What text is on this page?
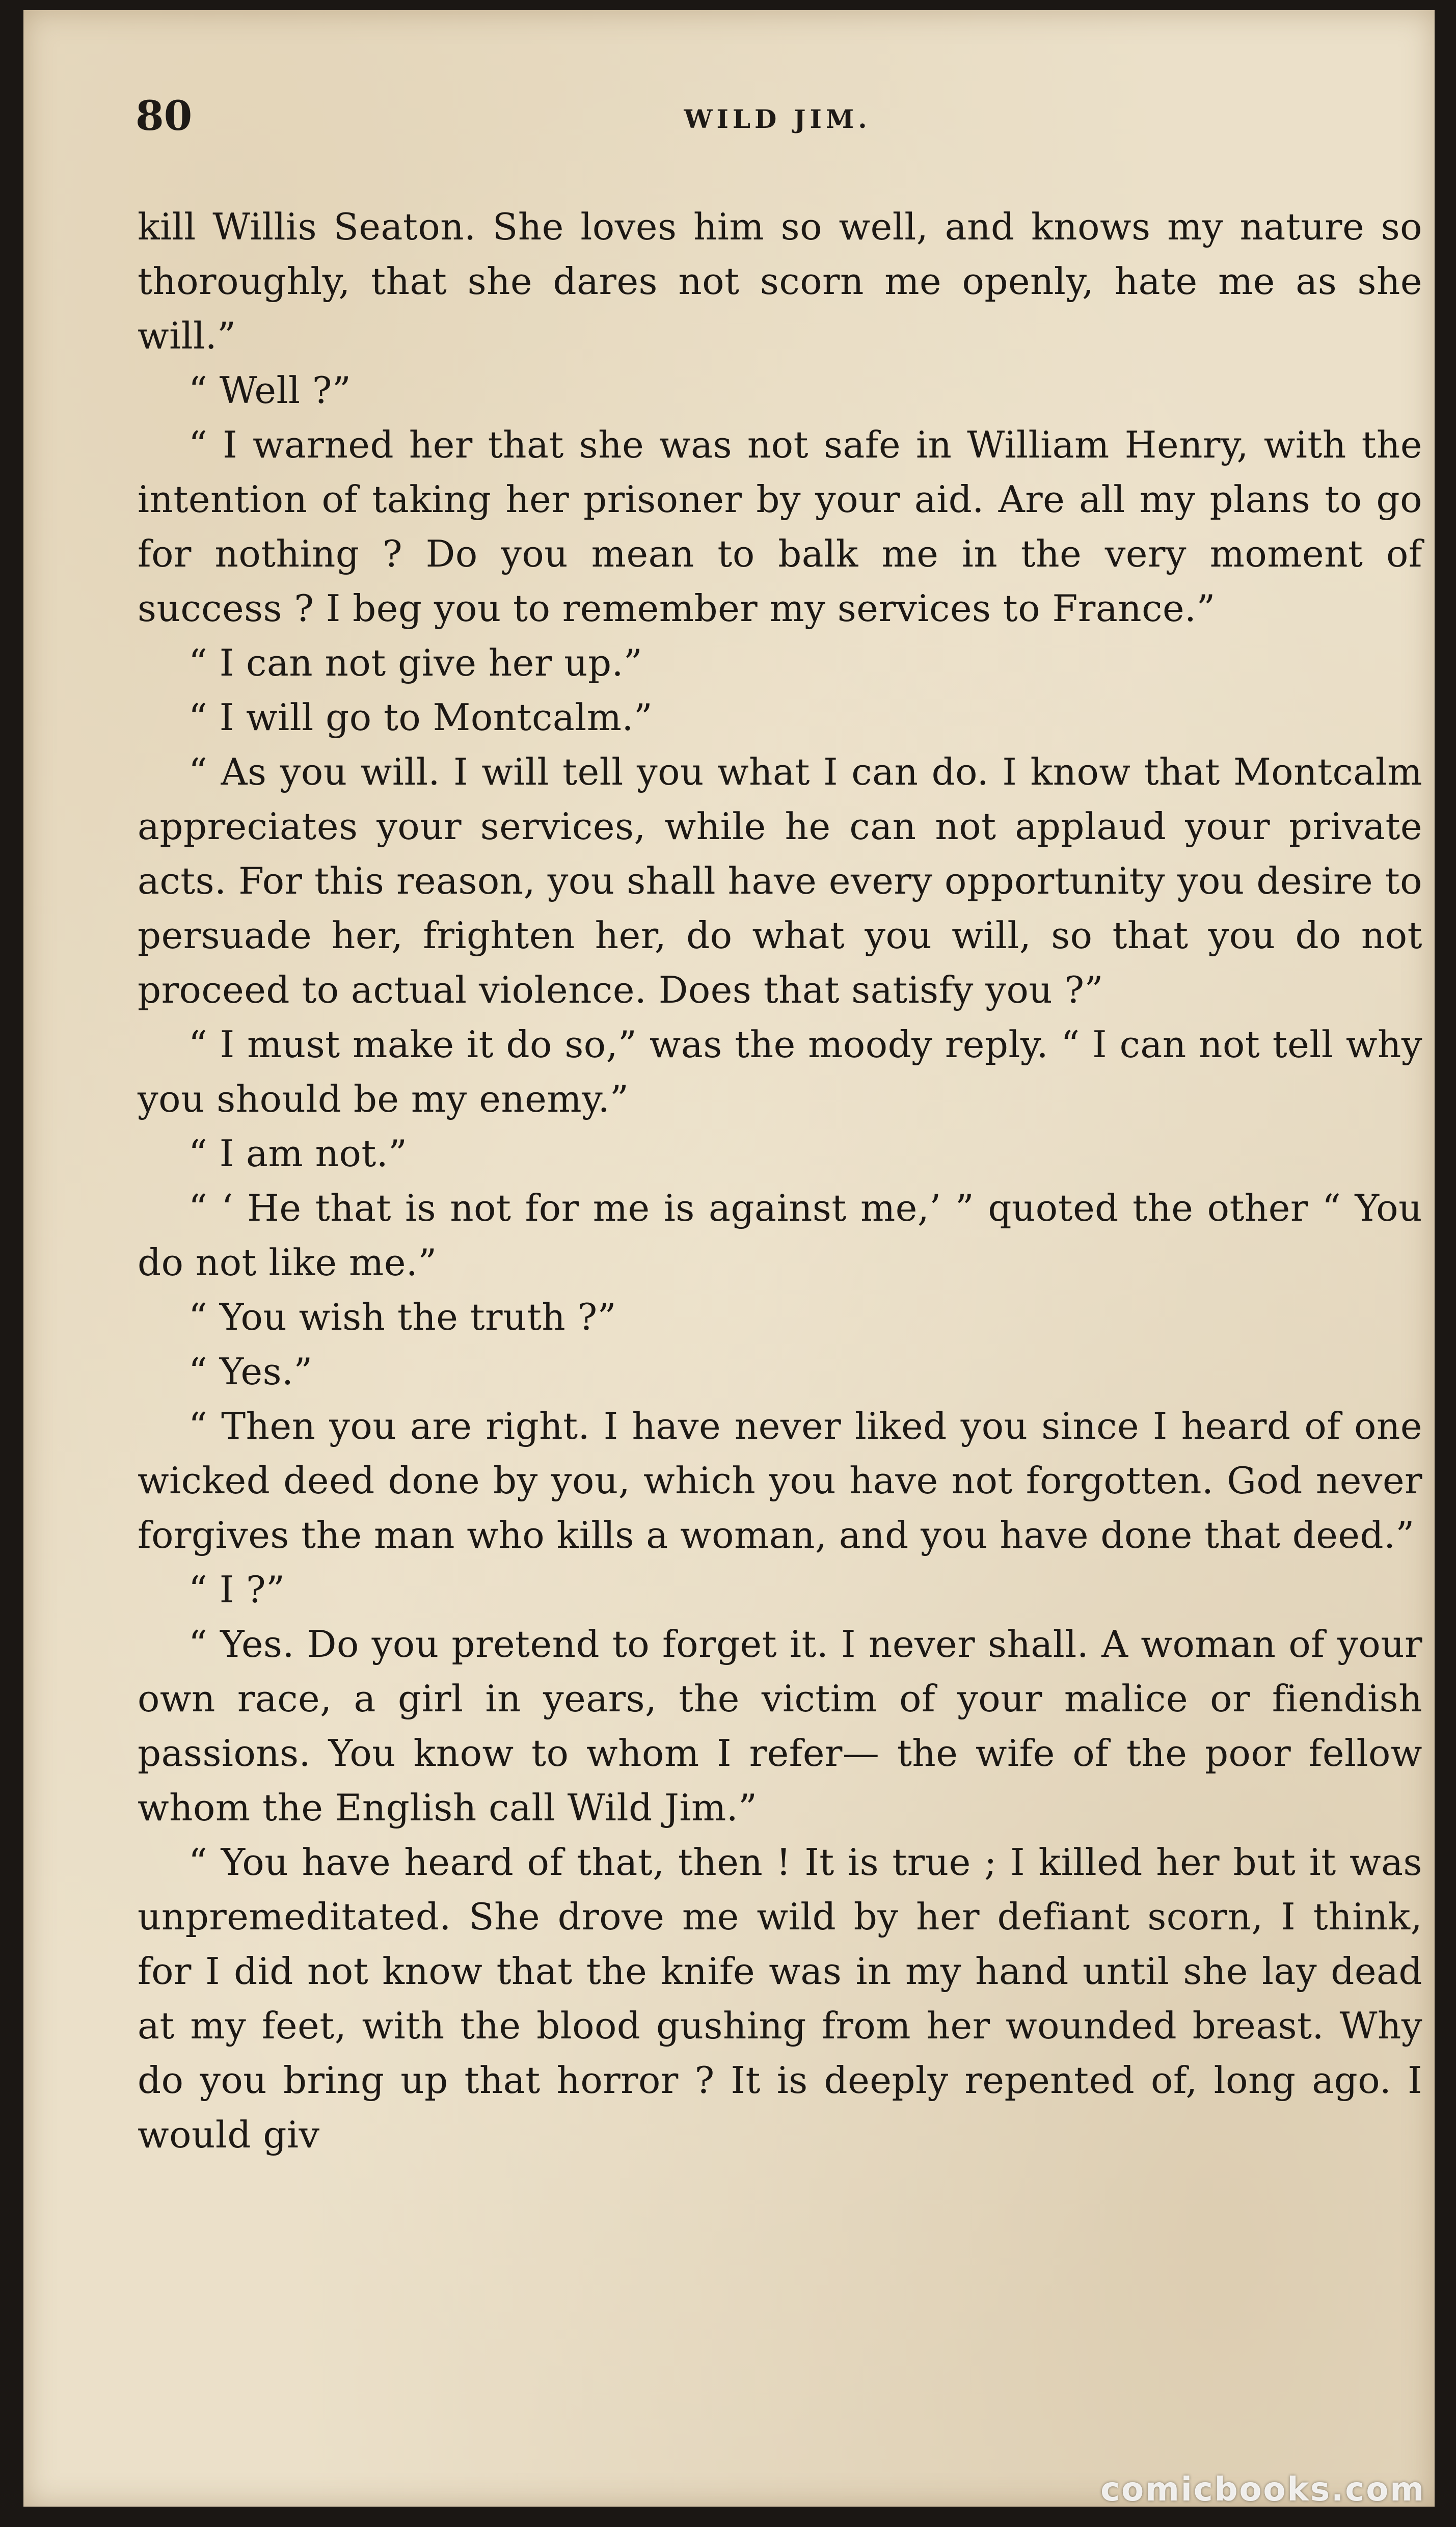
80	WILD JIM.

kill Willis Seaton. She loves him so well, and knows my nature so thoroughly, that she dares not scorn me openly, hate me as she will.”

“ Well ?”

“ I warned her that she was not safe in William Henry, with the intention of taking her prisoner by your aid. Are all my plans to go for nothing ? Do you mean to balk me in the very moment of success ? I beg you to remember my services to France.”

“ I can not give her up.”

“ I will go to Montcalm.”

“ As you will. I will tell you what I can do. I know that Montcalm appreciates your services, while he can not applaud your private acts. For this reason, you shall have every opportunity you desire to persuade her, frighten her, do what you will, so that you do not proceed to actual violence. Does that satisfy you ?”

“ I must make it do so,” was the moody reply. “ I can not tell why you should be my enemy.”

“ I am not.”

“ ‘ He that is not for me is against me,’ ” quoted the other “ You do not like me.”

“ You wish the truth ?”

“ Yes.”

“ Then you are right. I have never liked you since I heard of one wicked deed done by you, which you have not forgotten. God never forgives the man who kills a woman, and you have done that deed.”

“ I ?”

“ Yes. Do you pretend to forget it. I never shall. A woman of your own race, a girl in years, the victim of your malice or fiendish passions. You know to whom I refer— the wife of the poor fellow whom the English call Wild Jim.”

“ You have heard of that, then ! It is true ; I killed her but it was unpremeditated. She drove me wild by her defiant scorn, I think, for I did not know that the knife was in my hand until she lay dead at my feet, with the blood gushing from her wounded breast. Why do you bring up that horror ? It is deeply repented of, long ago. I would giv

comicbooks.com
